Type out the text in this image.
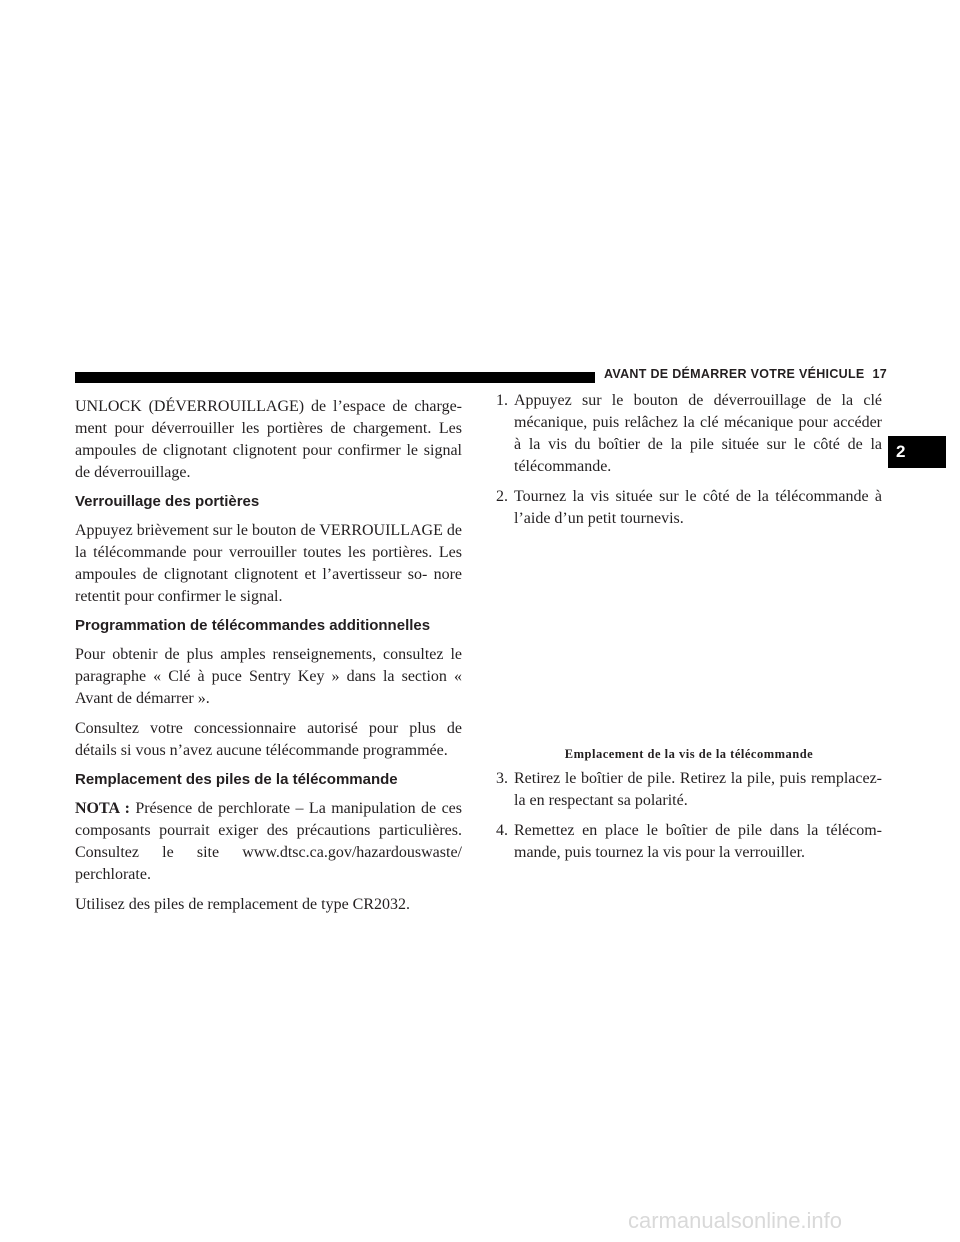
AVANT DE DÉMARRER VOTRE VÉHICULE 17
2

UNLOCK (DÉVERROUILLAGE) de l’espace de charge- ment pour déverrouiller les portières de chargement. Les ampoules de clignotant clignotent pour confirmer le signal de déverrouillage.

Verrouillage des portières

Appuyez brièvement sur le bouton de VERROUILLAGE de la télécommande pour verrouiller toutes les portières. Les ampoules de clignotant clignotent et l’avertisseur so- nore retentit pour confirmer le signal.

Programmation de télécommandes additionnelles

Pour obtenir de plus amples renseignements, consultez le paragraphe « Clé à puce Sentry Key » dans la section « Avant de démarrer ».

Consultez votre concessionnaire autorisé pour plus de détails si vous n’avez aucune télécommande programmée.

Remplacement des piles de la télécommande

NOTA : Présence de perchlorate – La manipulation de ces composants pourrait exiger des précautions particulières. Consultez le site www.dtsc.ca.gov/hazardouswaste/ perchlorate.

Utilisez des piles de remplacement de type CR2032.

1. Appuyez sur le bouton de déverrouillage de la clé mécanique, puis relâchez la clé mécanique pour accéder à la vis du boîtier de la pile située sur le côté de la télécommande.
2. Tournez la vis située sur le côté de la télécommande à l’aide d’un petit tournevis.

Emplacement de la vis de la télécommande

3. Retirez le boîtier de pile. Retirez la pile, puis remplacez-la en respectant sa polarité.
4. Remettez en place le boîtier de pile dans la télécom- mande, puis tournez la vis pour la verrouiller.
carmanualsonline.info
